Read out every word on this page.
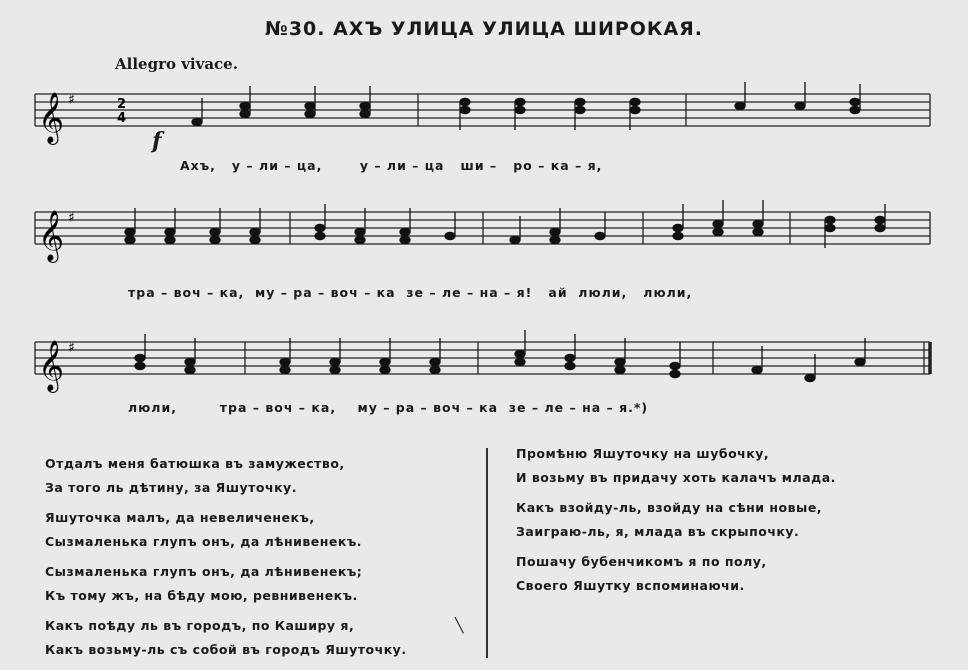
№30. АХЪ УЛИЦА УЛИЦА ШИРОКАЯ.
Allegro vivace.
f
𝄞 ♯	2
4
Ахъ,   у – ли – ца,       у – ли – ца   ши –   ро – ка – я,
𝄞 ♯
тра – воч – ка,  му – ра – воч – ка  зе – ле – на – я!   ай  люли,   люли,
𝄞 ♯
люли,        тра – воч – ка,    му – ра – воч – ка  зе – ле – на – я.*)

Отдалъ меня батюшка въ замужество,

За того ль дѣтину, за Яшуточку.

Яшуточка малъ, да невеличенекъ,

Сызмаленька глупъ онъ, да лѣнивенекъ.

Сызмаленька глупъ онъ, да лѣнивенекъ;

Къ тому жъ, на бѣду мою, ревнивенекъ.

Какъ поѣду ль въ городъ, по Каширу я,

Какъ возьму-ль съ собой въ городъ Яшуточку.

╲

Промѣню Яшуточку на шубочку,

И возьму въ придачу хоть калачъ млада.

Какъ взойду-ль, взойду на сѣни новые,

Заиграю-ль, я, млада въ скрыпочку.

Пошачу бубенчикомъ я по полу,

Своего Яшутку вспоминаючи.
